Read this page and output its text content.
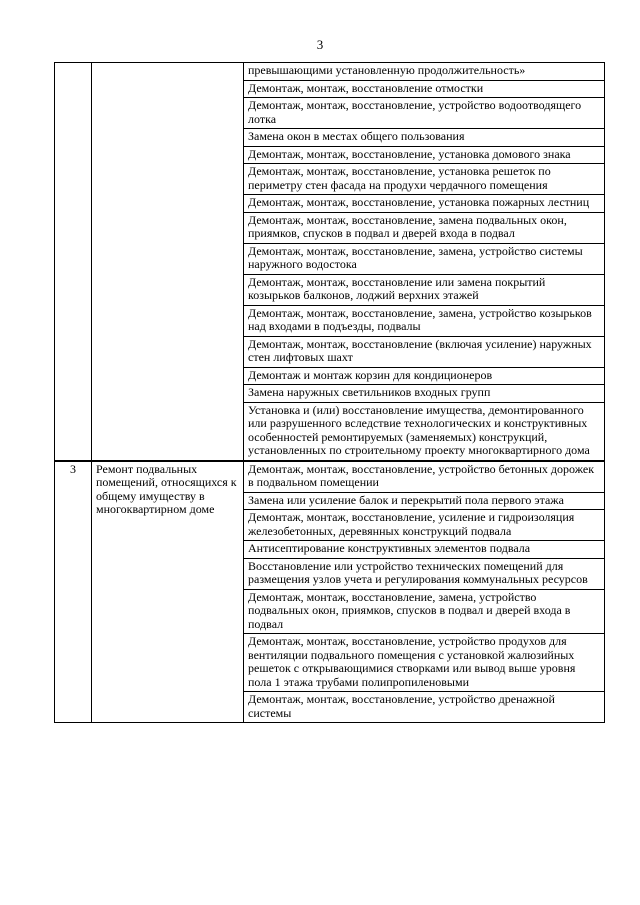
3
		превышающими установленную продолжительность»
		Демонтаж, монтаж, восстановление отмостки
		Демонтаж, монтаж, восстановление, устройство водоотводящего лотка
		Замена окон в местах общего пользования
		Демонтаж, монтаж, восстановление, установка домового знака
		Демонтаж, монтаж, восстановление, установка решеток по периметру стен фасада на продухи чердачного помещения
		Демонтаж, монтаж, восстановление, установка пожарных лестниц
		Демонтаж, монтаж, восстановление, замена подвальных окон, приямков, спусков в подвал и дверей входа в подвал
		Демонтаж, монтаж, восстановление, замена, устройство системы наружного водостока
		Демонтаж, монтаж, восстановление или замена покрытий козырьков балконов, лоджий верхних этажей
		Демонтаж, монтаж, восстановление, замена, устройство козырьков над входами в подъезды, подвалы
		Демонтаж, монтаж, восстановление (включая усиление) наружных стен лифтовых шахт
		Демонтаж и монтаж корзин для кондиционеров
		Замена наружных светильников входных групп
		Установка и (или) восстановление имущества, демонтированного или разрушенного вследствие технологических и конструктивных особенностей ремонтируемых (заменяемых) конструкций, установленных по строительному проекту многоквартирного дома
3	Ремонт подвальных помещений, относящихся к общему имуществу в многоквартирном доме	Демонтаж, монтаж, восстановление, устройство бетонных дорожек в подвальном помещении
		Замена или усиление балок и перекрытий пола первого этажа
		Демонтаж, монтаж, восстановление, усиление и гидроизоляция железобетонных, деревянных конструкций подвала
		Антисептирование конструктивных элементов подвала
		Восстановление или устройство технических помещений для размещения узлов учета и регулирования коммунальных ресурсов
		Демонтаж, монтаж, восстановление, замена, устройство подвальных окон, приямков, спусков в подвал и дверей входа в подвал
		Демонтаж, монтаж, восстановление, устройство продухов для вентиляции подвального помещения с установкой жалюзийных решеток с открывающимися створками или вывод выше уровня пола 1 этажа трубами полипропиленовыми
		Демонтаж, монтаж, восстановление, устройство дренажной системы
